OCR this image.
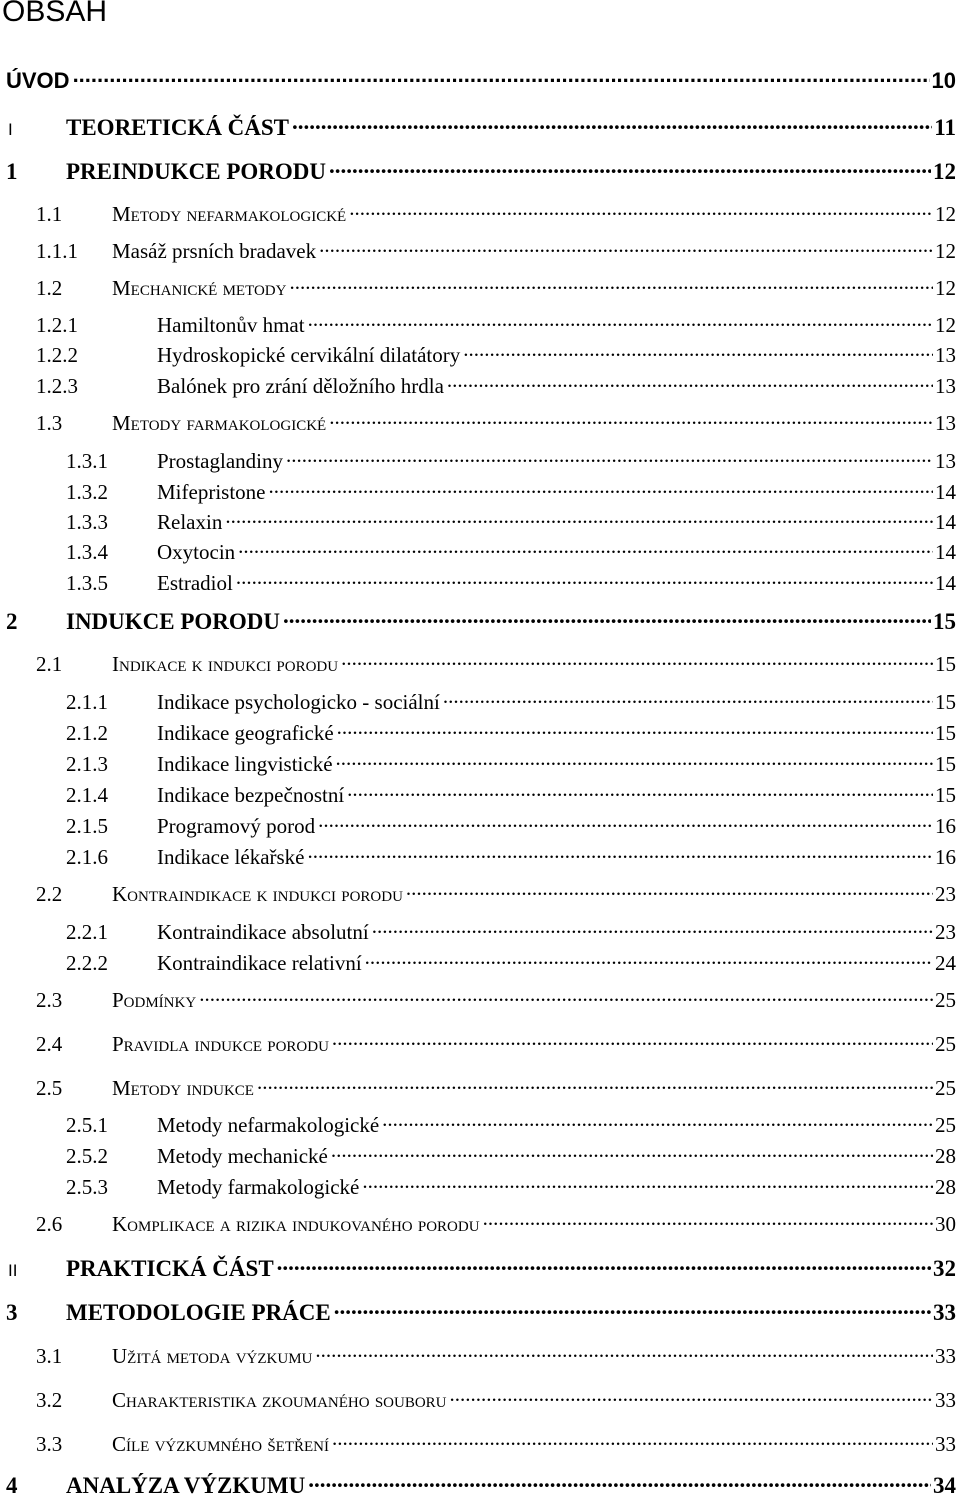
OBSAH
ÚVOD .....	10
I	TEORETICKÁ ČÁST .....	11
1	PREINDUKCE PORODU .....	12
1.1	Metody nefarmakologické .....	12
1.1.1	Masáž prsních bradavek .....	12
1.2	Mechanické metody .....	12
1.2.1	Hamiltonův hmat .....	12
1.2.2	Hydroskopické cervikální dilatátory .....	13
1.2.3	Balónek pro zrání děložního hrdla .....	13
1.3	Metody farmakologické .....	13
1.3.1	Prostaglandiny .....	13
1.3.2	Mifepristone .....	14
1.3.3	Relaxin .....	14
1.3.4	Oxytocin .....	14
1.3.5	Estradiol .....	14
2	INDUKCE PORODU .....	15
2.1	Indikace k indukci porodu .....	15
2.1.1	Indikace psychologicko - sociální .....	15
2.1.2	Indikace geografické .....	15
2.1.3	Indikace lingvistické .....	15
2.1.4	Indikace bezpečnostní .....	15
2.1.5	Programový porod .....	16
2.1.6	Indikace lékařské .....	16
2.2	Kontraindikace k indukci porodu .....	23
2.2.1	Kontraindikace absolutní .....	23
2.2.2	Kontraindikace relativní .....	24
2.3	Podmínky .....	25
2.4	Pravidla indukce porodu .....	25
2.5	Metody indukce .....	25
2.5.1	Metody nefarmakologické .....	25
2.5.2	Metody mechanické .....	28
2.5.3	Metody farmakologické .....	28
2.6	Komplikace a rizika indukovaného porodu .....	30
II	PRAKTICKÁ ČÁST .....	32
3	METODOLOGIE PRÁCE .....	33
3.1	Užitá metoda výzkumu .....	33
3.2	Charakteristika zkoumaného souboru .....	33
3.3	Cíle výzkumného šetření .....	33
4	ANALÝZA VÝZKUMU .....	34
